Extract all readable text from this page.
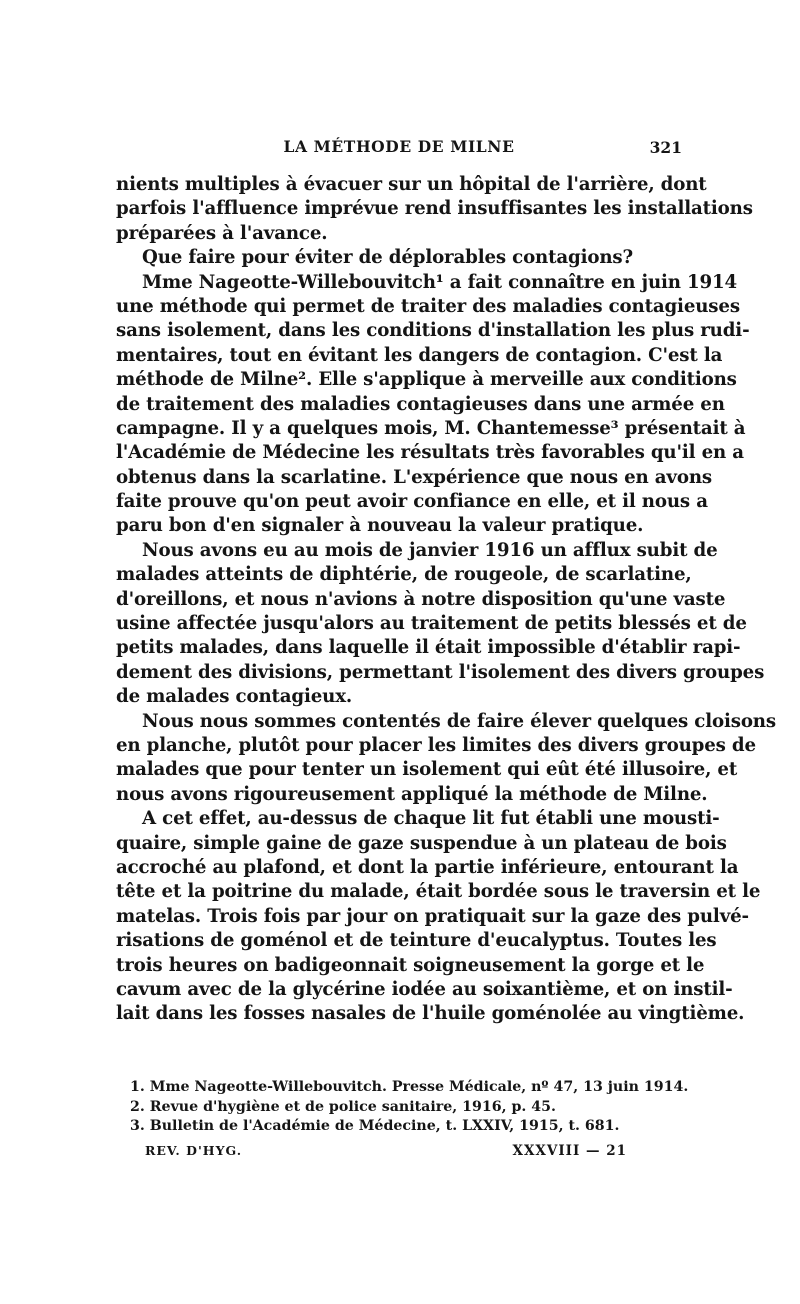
LA MÉTHODE DE MILNE	321
nients multiples à évacuer sur un hôpital de l'arrière, dont
parfois l'affluence imprévue rend insuffisantes les installations
préparées à l'avance.
Que faire pour éviter de déplorables contagions?
Mme Nageotte-Willebouvitch¹ a fait connaître en juin 1914
une méthode qui permet de traiter des maladies contagieuses
sans isolement, dans les conditions d'installation les plus rudi-
mentaires, tout en évitant les dangers de contagion. C'est la
méthode de Milne². Elle s'applique à merveille aux conditions
de traitement des maladies contagieuses dans une armée en
campagne. Il y a quelques mois, M. Chantemesse³ présentait à
l'Académie de Médecine les résultats très favorables qu'il en a
obtenus dans la scarlatine. L'expérience que nous en avons
faite prouve qu'on peut avoir confiance en elle, et il nous a
paru bon d'en signaler à nouveau la valeur pratique.
Nous avons eu au mois de janvier 1916 un afflux subit de
malades atteints de diphtérie, de rougeole, de scarlatine,
d'oreillons, et nous n'avions à notre disposition qu'une vaste
usine affectée jusqu'alors au traitement de petits blessés et de
petits malades, dans laquelle il était impossible d'établir rapi-
dement des divisions, permettant l'isolement des divers groupes
de malades contagieux.
Nous nous sommes contentés de faire élever quelques cloisons
en planche, plutôt pour placer les limites des divers groupes de
malades que pour tenter un isolement qui eût été illusoire, et
nous avons rigoureusement appliqué la méthode de Milne.
A cet effet, au-dessus de chaque lit fut établi une mousti-
quaire, simple gaine de gaze suspendue à un plateau de bois
accroché au plafond, et dont la partie inférieure, entourant la
tête et la poitrine du malade, était bordée sous le traversin et le
matelas. Trois fois par jour on pratiquait sur la gaze des pulvé-
risations de goménol et de teinture d'eucalyptus. Toutes les
trois heures on badigeonnait soigneusement la gorge et le
cavum avec de la glycérine iodée au soixantième, et on instil-
lait dans les fosses nasales de l'huile goménolée au vingtième.
1. Mme Nageotte-Willebouvitch. Presse Médicale, nº 47, 13 juin 1914.
2. Revue d'hygiène et de police sanitaire, 1916, p. 45.
3. Bulletin de l'Académie de Médecine, t. LXXIV, 1915, t. 681.
REV. D'HYG.	XXXVIII — 21
